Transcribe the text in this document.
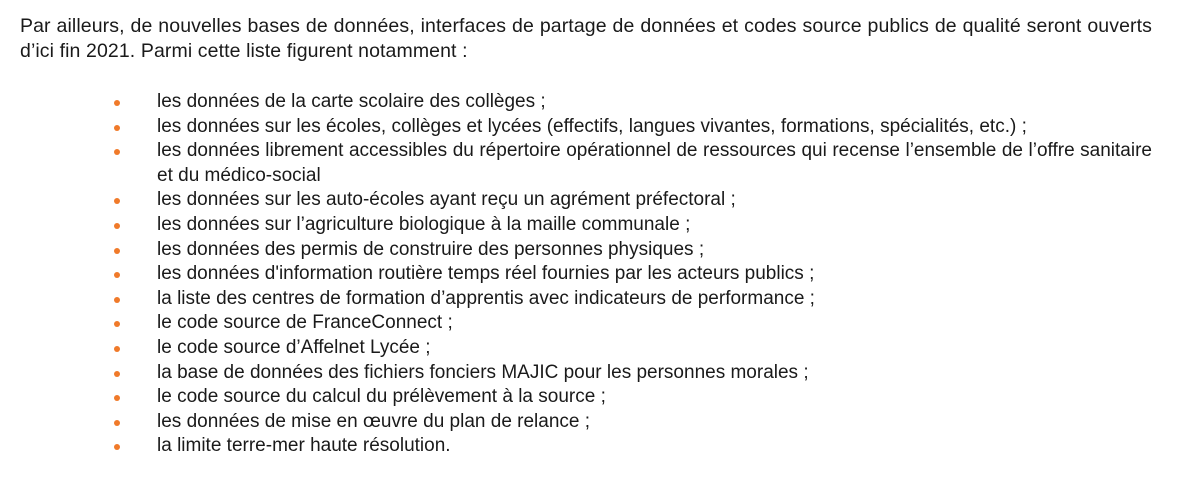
Par ailleurs, de nouvelles bases de données, interfaces de partage de données et codes source publics de qualité seront ouverts d’ici fin 2021. Parmi cette liste figurent notamment :

les données de la carte scolaire des collèges ;
les données sur les écoles, collèges et lycées (effectifs, langues vivantes, formations, spécialités, etc.) ;
les données librement accessibles du répertoire opérationnel de ressources qui recense l’ensemble de l’offre sanitaire et du médico-social
les données sur les auto-écoles ayant reçu un agrément préfectoral ;
les données sur l’agriculture biologique à la maille communale ;
les données des permis de construire des personnes physiques ;
les données d'information routière temps réel fournies par les acteurs publics ;
la liste des centres de formation d’apprentis avec indicateurs de performance ;
le code source de FranceConnect ;
le code source d’Affelnet Lycée ;
la base de données des fichiers fonciers MAJIC pour les personnes morales ;
le code source du calcul du prélèvement à la source ;
les données de mise en œuvre du plan de relance ;
la limite terre-mer haute résolution.
